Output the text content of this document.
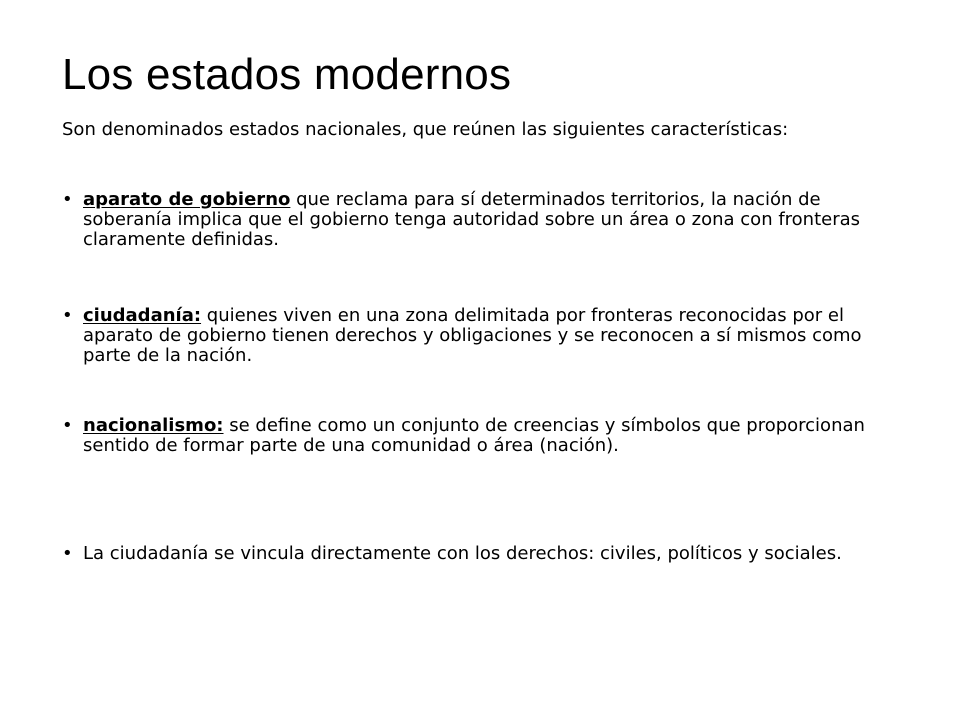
Los estados modernos

Son denominados estados nacionales, que reúnen las siguientes características:

• aparato de gobierno que reclama para sí determinados territorios, la nación de soberanía implica que el gobierno tenga autoridad sobre un área o zona con fronteras claramente definidas.
• ciudadanía: quienes viven en una zona delimitada por fronteras reconocidas por el aparato de gobierno tienen derechos y obligaciones y se reconocen a sí mismos como parte de la nación.
• nacionalismo: se define como un conjunto de creencias y símbolos que proporcionan sentido de formar parte de una comunidad o área (nación).
• La ciudadanía se vincula directamente con los derechos: civiles, políticos y sociales.
